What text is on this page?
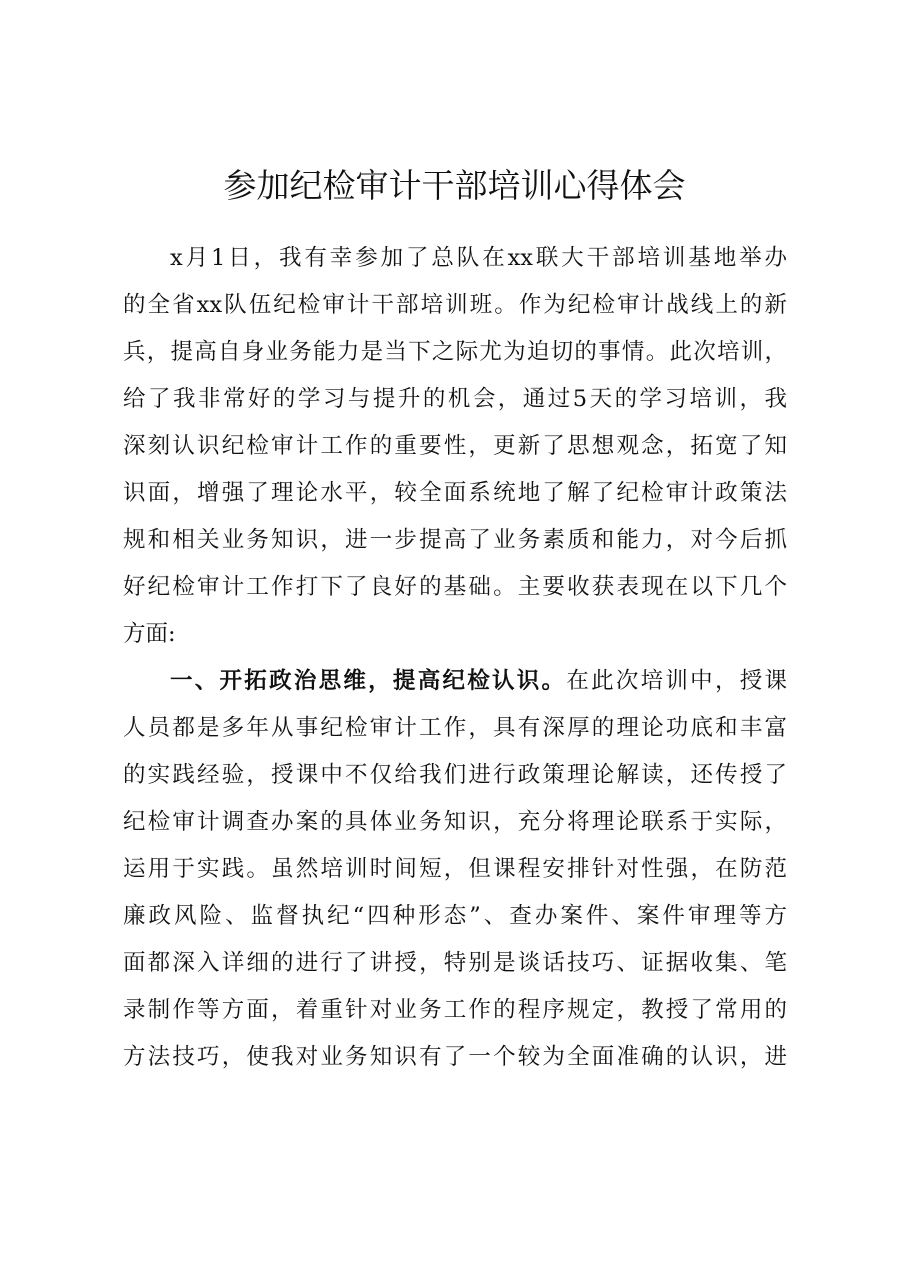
参加纪检审计干部培训心得体会
x月1日，我有幸参加了总队在xx联大干部培训基地举办
的全省xx队伍纪检审计干部培训班。作为纪检审计战线上的新
兵，提高自身业务能力是当下之际尤为迫切的事情。此次培训，
给了我非常好的学习与提升的机会，通过5天的学习培训，我
深刻认识纪检审计工作的重要性，更新了思想观念，拓宽了知
识面，增强了理论水平，较全面系统地了解了纪检审计政策法
规和相关业务知识，进一步提高了业务素质和能力，对今后抓
好纪检审计工作打下了良好的基础。主要收获表现在以下几个
方面:
一、开拓政治思维，提高纪检认识。在此次培训中，授课
人员都是多年从事纪检审计工作，具有深厚的理论功底和丰富
的实践经验，授课中不仅给我们进行政策理论解读，还传授了
纪检审计调查办案的具体业务知识，充分将理论联系于实际，
运用于实践。虽然培训时间短，但课程安排针对性强，在防范
廉政风险、监督执纪“四种形态”、查办案件、案件审理等方
面都深入详细的进行了讲授，特别是谈话技巧、证据收集、笔
录制作等方面，着重针对业务工作的程序规定，教授了常用的
方法技巧，使我对业务知识有了一个较为全面准确的认识，进
